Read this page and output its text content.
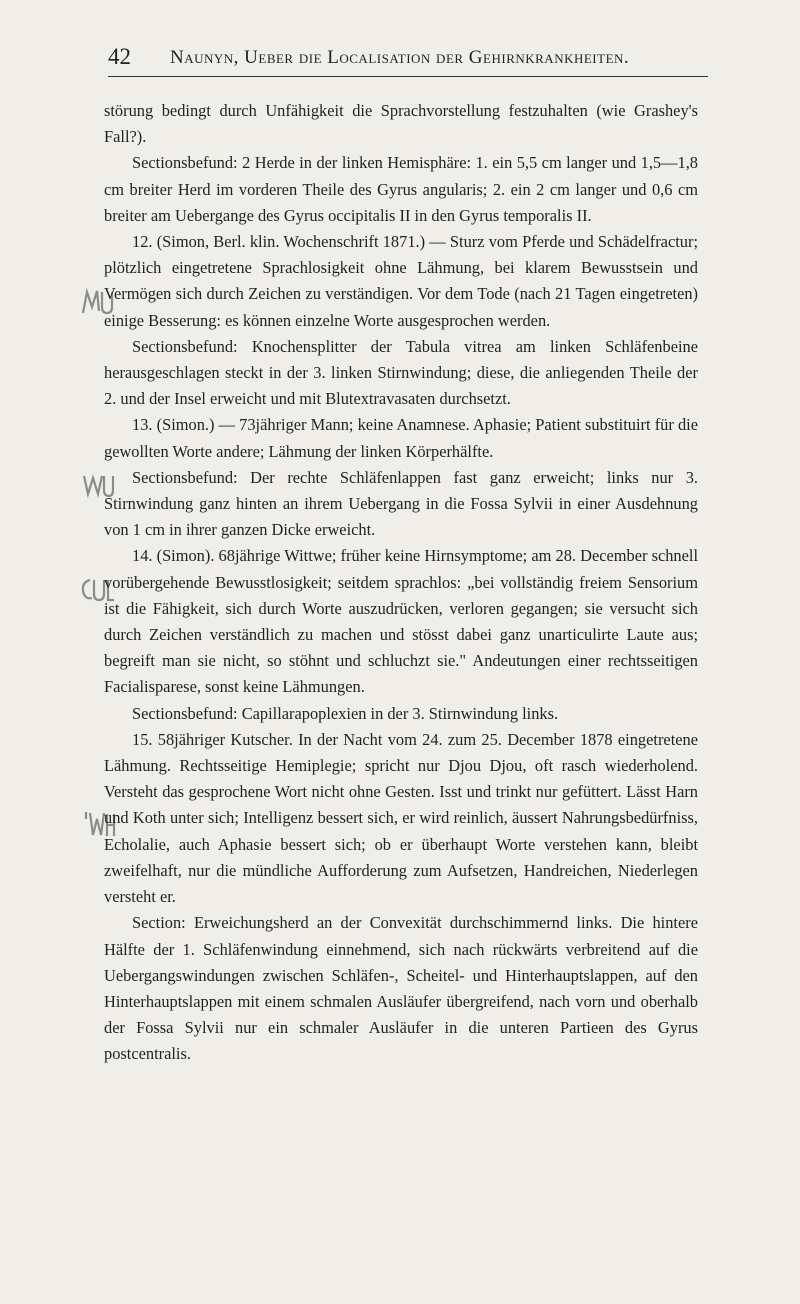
42 Naunyn, Ueber die Localisation der Gehirnkrankheiten.

störung bedingt durch Unfähigkeit die Sprachvorstellung festzuhalten (wie Grashey's Fall?).

Sectionsbefund: 2 Herde in der linken Hemisphäre: 1. ein 5,5 cm langer und 1,5—1,8 cm breiter Herd im vorderen Theile des Gyrus angularis; 2. ein 2 cm langer und 0,6 cm breiter am Uebergange des Gyrus occipitalis II in den Gyrus temporalis II.

12. (Simon, Berl. klin. Wochenschrift 1871.) — Sturz vom Pferde und Schädelfractur; plötzlich eingetretene Sprachlosigkeit ohne Lähmung, bei klarem Bewusstsein und Vermögen sich durch Zeichen zu verständigen. Vor dem Tode (nach 21 Tagen eingetreten) einige Besserung: es können einzelne Worte ausgesprochen werden.

Sectionsbefund: Knochensplitter der Tabula vitrea am linken Schläfenbeine herausgeschlagen steckt in der 3. linken Stirnwindung; diese, die anliegenden Theile der 2. und der Insel erweicht und mit Blutextravasaten durchsetzt.

13. (Simon.) — 73jähriger Mann; keine Anamnese. Aphasie; Patient substituirt für die gewollten Worte andere; Lähmung der linken Körperhälfte.

Sectionsbefund: Der rechte Schläfenlappen fast ganz erweicht; links nur 3. Stirnwindung ganz hinten an ihrem Uebergang in die Fossa Sylvii in einer Ausdehnung von 1 cm in ihrer ganzen Dicke erweicht.

14. (Simon). 68jährige Wittwe; früher keine Hirnsymptome; am 28. December schnell vorübergehende Bewusstlosigkeit; seitdem sprachlos: „bei vollständig freiem Sensorium ist die Fähigkeit, sich durch Worte auszudrücken, verloren gegangen; sie versucht sich durch Zeichen verständlich zu machen und stösst dabei ganz unarticulirte Laute aus; begreift man sie nicht, so stöhnt und schluchzt sie." Andeutungen einer rechtsseitigen Facialisparese, sonst keine Lähmungen.

Sectionsbefund: Capillarapoplexien in der 3. Stirnwindung links.

15. 58jähriger Kutscher. In der Nacht vom 24. zum 25. December 1878 eingetretene Lähmung. Rechtsseitige Hemiplegie; spricht nur Djou Djou, oft rasch wiederholend. Versteht das gesprochene Wort nicht ohne Gesten. Isst und trinkt nur gefüttert. Lässt Harn und Koth unter sich; Intelligenz bessert sich, er wird reinlich, äussert Nahrungsbedürfniss, Echolalie, auch Aphasie bessert sich; ob er überhaupt Worte verstehen kann, bleibt zweifelhaft, nur die mündliche Aufforderung zum Aufsetzen, Handreichen, Niederlegen versteht er.

Section: Erweichungsherd an der Convexität durchschimmernd links. Die hintere Hälfte der 1. Schläfenwindung einnehmend, sich nach rückwärts verbreitend auf die Uebergangswindungen zwischen Schläfen-, Scheitel- und Hinterhauptslappen, auf den Hinterhauptslappen mit einem schmalen Ausläufer übergreifend, nach vorn und oberhalb der Fossa Sylvii nur ein schmaler Ausläufer in die unteren Partieen des Gyrus postcentralis.
